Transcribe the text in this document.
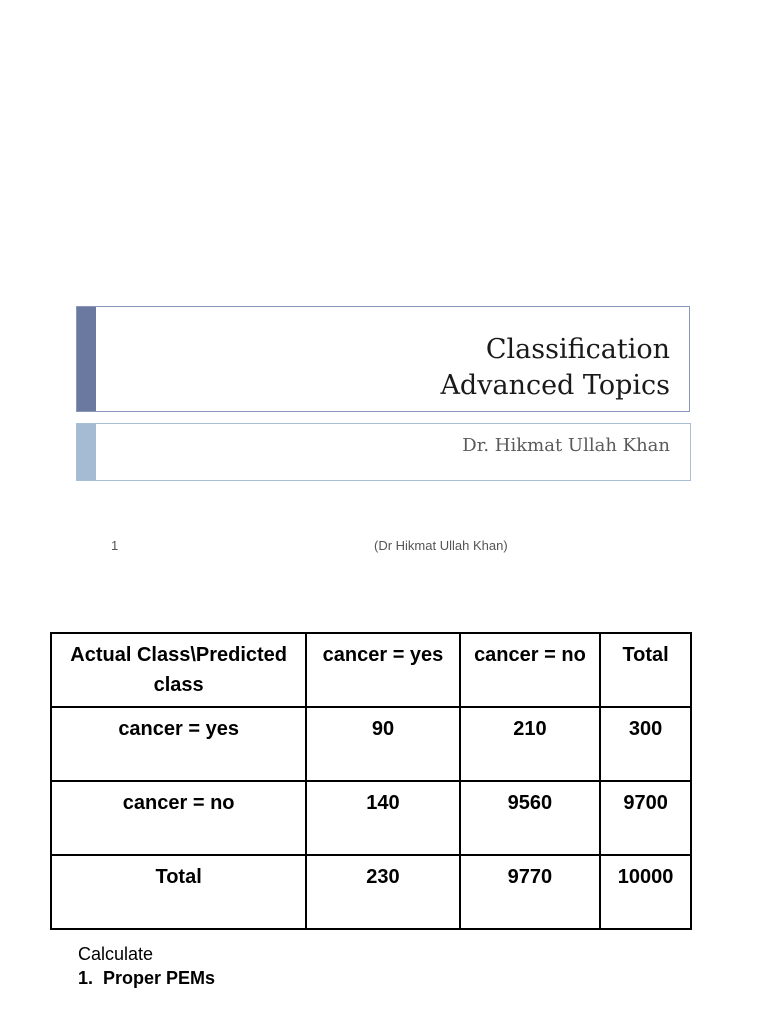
Classification
Advanced Topics
Dr. Hikmat Ullah Khan
1	(Dr Hikmat Ullah Khan)
Actual Class\Predicted class	cancer = yes	cancer = no	Total
cancer = yes	90	210	300
cancer = no	140	9560	9700
Total	230	9770	10000
Calculate
1. Proper PEMs
